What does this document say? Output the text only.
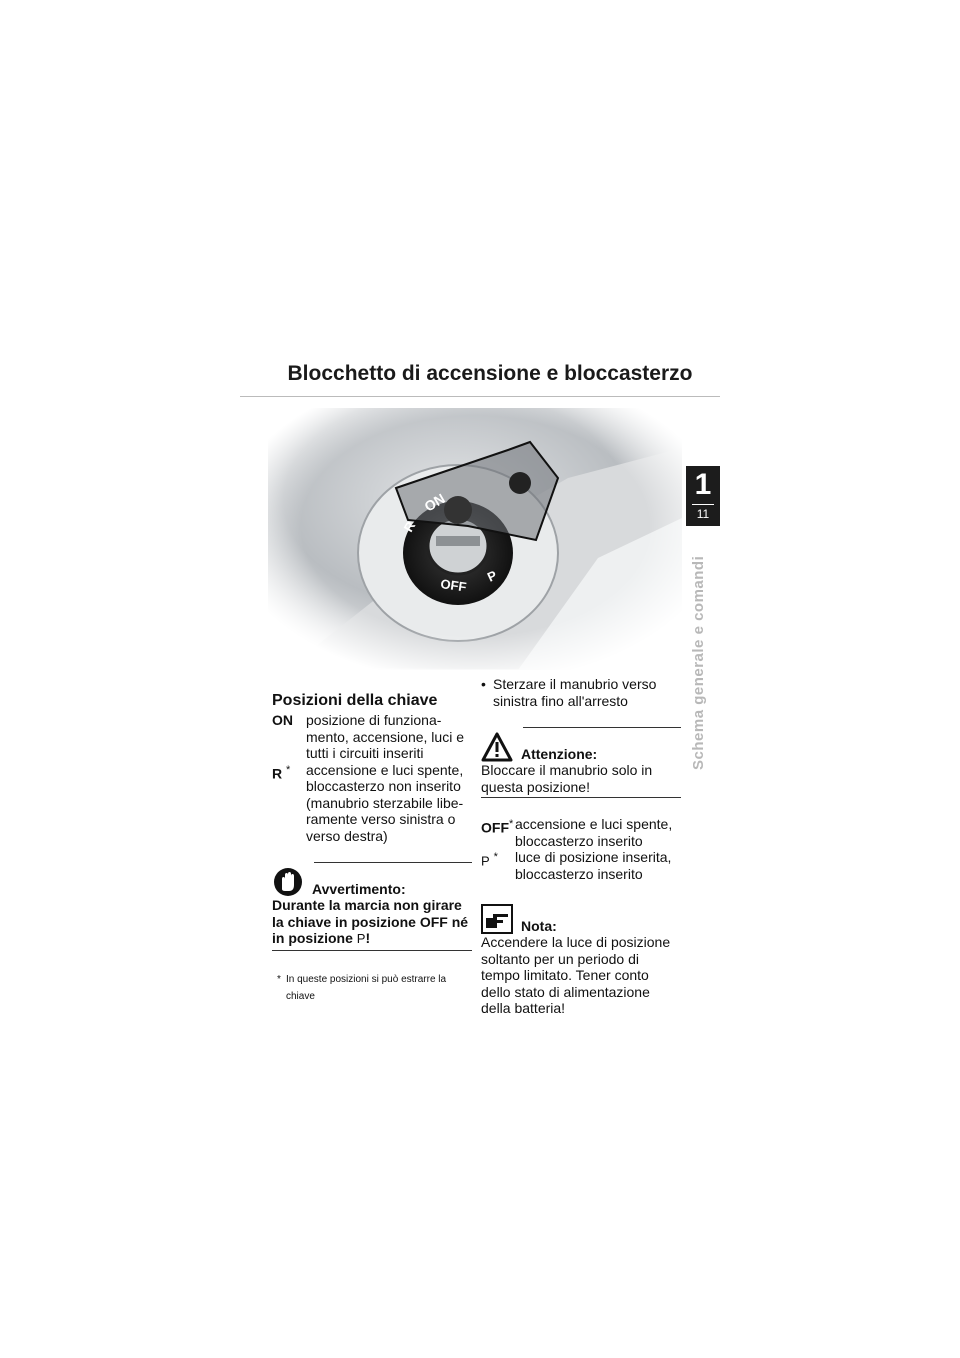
Blocchetto di accensione e bloccasterzo
1
11
Schema generale e comandi
Posizioni della chiave
ON posizione di funziona-mento, accensione, luci e tutti i circuiti inseriti
R *	accensione e luci spente, bloccasterzo non inserito (manubrio sterzabile libe-ramente verso sinistra o verso destra)
Avvertimento:
Durante la marcia non girare la chiave in posizione OFF né in posizione P!
* In queste posizioni si può estrarre la chiave
• Sterzare il manubrio verso sinistra fino all'arresto
Attenzione:
Bloccare il manubrio solo in questa posizione!
OFF* accensione e luci spente, bloccasterzo inserito
P *	luce di posizione inserita, bloccasterzo inserito
Nota:
Accendere la luce di posizione soltanto per un periodo di tempo limitato. Tener conto dello stato di alimentazione della batteria!
